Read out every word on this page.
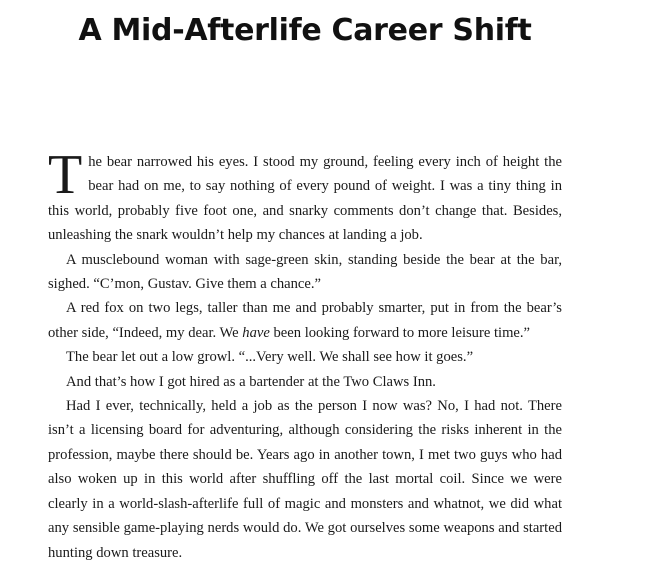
A Mid-Afterlife Career Shift

The bear narrowed his eyes. I stood my ground, feeling every inch of height the bear had on me, to say nothing of every pound of weight. I was a tiny thing in this world, probably five foot one, and snarky comments don’t change that. Besides, unleashing the snark wouldn’t help my chances at landing a job.

A musclebound woman with sage-green skin, standing beside the bear at the bar, sighed. “C’mon, Gustav. Give them a chance.”

A red fox on two legs, taller than me and probably smarter, put in from the bear’s other side, “Indeed, my dear. We have been looking forward to more leisure time.”

The bear let out a low growl. “...Very well. We shall see how it goes.”

And that’s how I got hired as a bartender at the Two Claws Inn.

Had I ever, technically, held a job as the person I now was? No, I had not. There isn’t a licensing board for adventuring, although considering the risks inherent in the profession, maybe there should be. Years ago in another town, I met two guys who had also woken up in this world after shuffling off the last mortal coil. Since we were clearly in a world-slash-afterlife full of magic and monsters and whatnot, we did what any sensible game-playing nerds would do. We got ourselves some weapons and started hunting down treasure.
